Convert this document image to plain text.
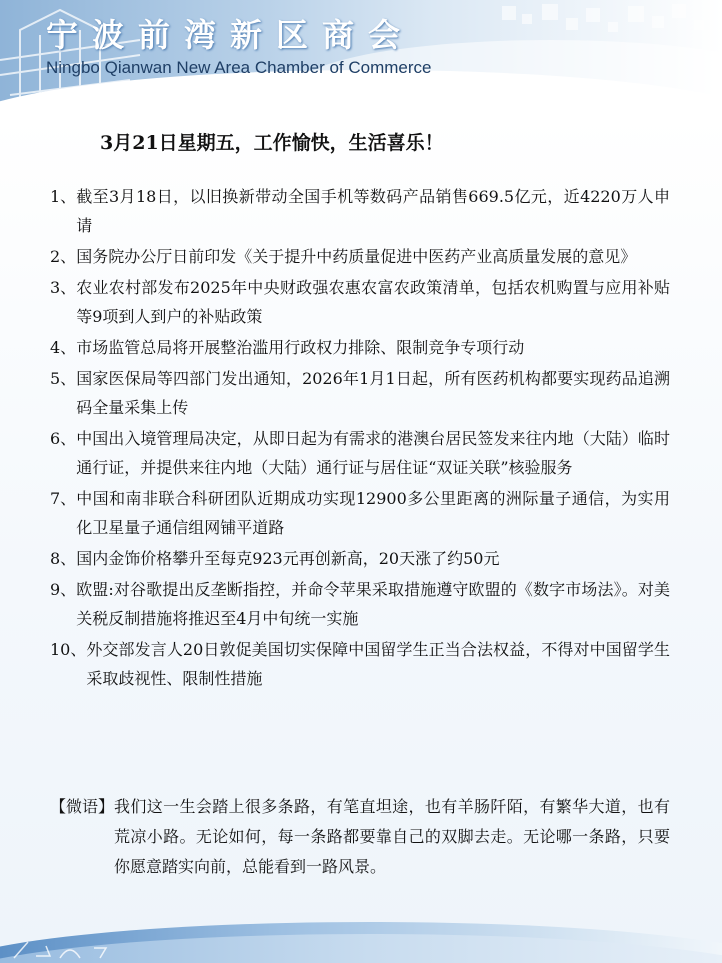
宁波前湾新区商会

Ningbo Qianwan New Area Chamber of Commerce

3月21日星期五，工作愉快，生活喜乐！
1、 截至3月18日，以旧换新带动全国手机等数码产品销售669.5亿元，近4220万人申请
2、 国务院办公厅日前印发《关于提升中药质量促进中医药产业高质量发展的意见》
3、 农业农村部发布2025年中央财政强农惠农富农政策清单，包括农机购置与应用补贴等9项到人到户的补贴政策
4、 市场监管总局将开展整治滥用行政权力排除、限制竞争专项行动
5、 国家医保局等四部门发出通知，2026年1月1日起，所有医药机构都要实现药品追溯码全量采集上传
6、 中国出入境管理局决定，从即日起为有需求的港澳台居民签发来往内地（大陆）临时通行证，并提供来往内地（大陆）通行证与居住证“双证关联”核验服务
7、 中国和南非联合科研团队近期成功实现12900多公里距离的洲际量子通信，为实用化卫星量子通信组网铺平道路
8、 国内金饰价格攀升至每克923元再创新高，20天涨了约50元
9、 欧盟:对谷歌提出反垄断指控，并命令苹果采取措施遵守欧盟的《数字市场法》。对美关税反制措施将推迟至4月中旬统一实施
10、 外交部发言人20日敦促美国切实保障中国留学生正当合法权益，不得对中国留学生采取歧视性、限制性措施

【微语】 我们这一生会踏上很多条路，有笔直坦途，也有羊肠阡陌，有繁华大道，也有荒凉小路。无论如何，每一条路都要靠自己的双脚去走。无论哪一条路，只要你愿意踏实向前，总能看到一路风景。
